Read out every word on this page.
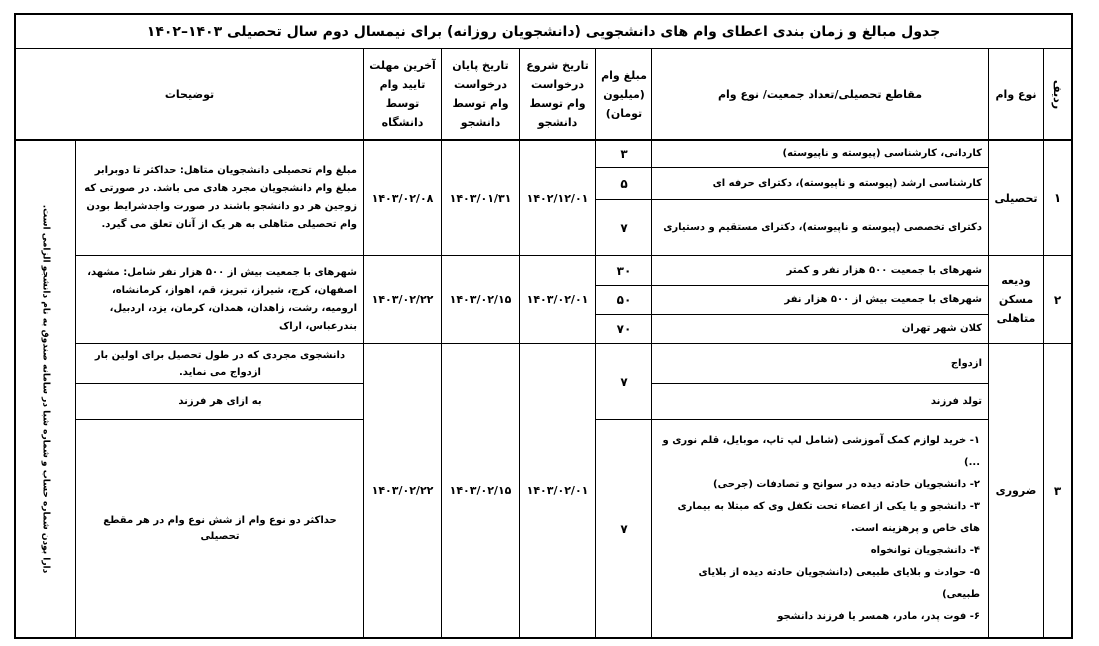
جدول مبالغ و زمان بندی اعطای وام های دانشجویی (دانشجویان روزانه) برای نیمسال دوم سال تحصیلی ۱۴۰۳–۱۴۰۲
ردیف
نوع وام
مقاطع تحصیلی/تعداد جمعیت/ نوع وام
مبلغ وام (میلیون تومان)
تاریخ شروع درخواست وام توسط دانشجو
تاریخ پایان درخواست وام توسط دانشجو
آخرین مهلت تایید وام توسط دانشگاه
توضیحات
دارا بودن شماره حساب و شماره شبا در سامانه صندوق به نام دانشجو الزامی است.
۱
تحصیلی
کاردانی، کارشناسی (پیوسته و ناپیوسته)
کارشناسی ارشد (پیوسته و ناپیوسته)، دکترای حرفه ای
دکترای تخصصی (پیوسته و ناپیوسته)، دکترای مستقیم و دستیاری
۳
۵
۷
۱۴۰۲/۱۲/۰۱
۱۴۰۳/۰۱/۳۱
۱۴۰۳/۰۲/۰۸
مبلغ وام تحصیلی دانشجویان متاهل: حداکثر تا دوبرابر مبلغ وام دانشجویان مجرد هادی می باشد. در صورتی که زوجین هر دو دانشجو باشند در صورت واجدشرایط بودن وام تحصیلی متاهلی به هر یک از آنان تعلق می گیرد.
۲
ودیعه مسکن متاهلی
شهرهای با جمعیت ۵۰۰ هزار نفر و کمتر
شهرهای با جمعیت بیش از ۵۰۰ هزار نفر
کلان شهر تهران
۳۰
۵۰
۷۰
۱۴۰۳/۰۲/۰۱
۱۴۰۳/۰۲/۱۵
۱۴۰۳/۰۲/۲۲
شهرهای با جمعیت بیش از ۵۰۰ هزار نفر شامل: مشهد، اصفهان، کرج، شیراز، تبریز، قم، اهواز، کرمانشاه، ارومیه، رشت، زاهدان، همدان، کرمان، یزد، اردبیل، بندرعباس، اراک
۳
ضروری
ازدواج
تولد فرزند
۱- خرید لوازم کمک آموزشی (شامل لپ تاپ، موبایل، قلم نوری و ...)
۲- دانشجویان حادثه دیده در سوانح و تصادفات (جرحی)
۳- دانشجو و یا یکی از اعضاء تحت تکفل وی که مبتلا به بیماری های خاص و پرهزینه است.
۴- دانشجویان توانخواه
۵- حوادث و بلایای طبیعی (دانشجویان حادثه دیده از بلایای طبیعی)
۶- فوت پدر، مادر، همسر یا فرزند دانشجو
۷
۷
۱۴۰۳/۰۲/۰۱
۱۴۰۳/۰۲/۱۵
۱۴۰۳/۰۲/۲۲
دانشجوی مجردی که در طول تحصیل برای اولین بار ازدواج می نماید.
به ازای هر فرزند
حداکثر دو نوع وام از شش نوع وام در هر مقطع تحصیلی
